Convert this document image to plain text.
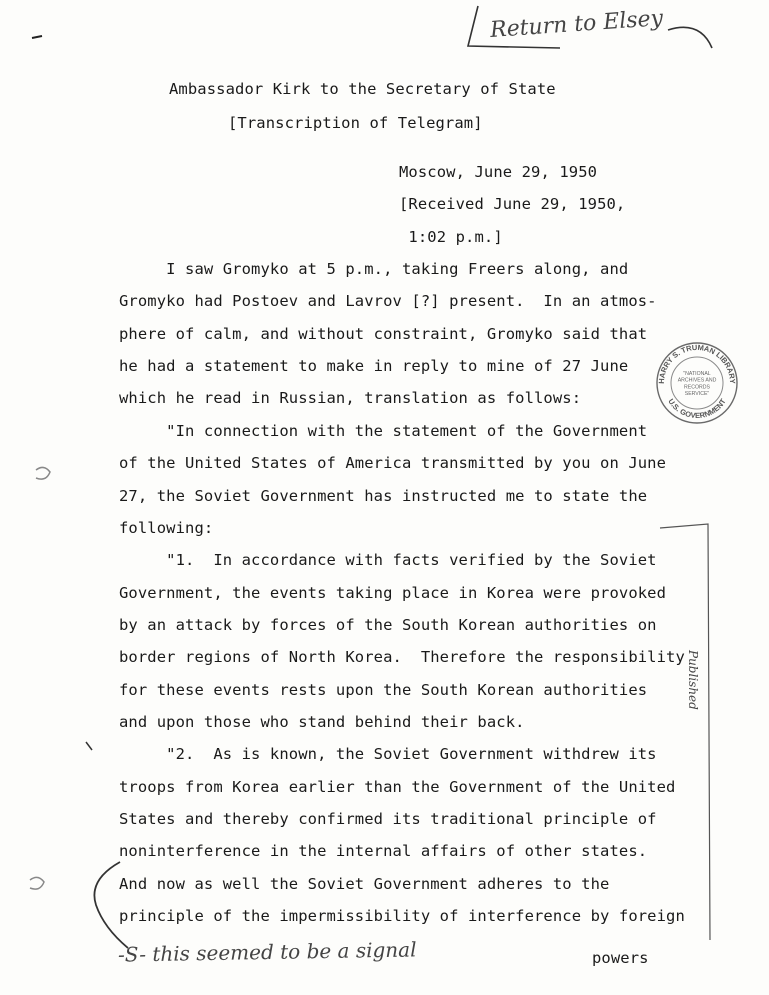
HARRY S. TRUMAN LIBRARY
U.S. GOVERNMENT
"NATIONAL ARCHIVES AND RECORDS SERVICE"
Return to Elsey
Published
-S- this seemed to be a signal
Ambassador Kirk to the Secretary of State
[Transcription of Telegram]
Moscow, June 29, 1950
[Received June 29, 1950,
1:02 p.m.]
I saw Gromyko at 5 p.m., taking Freers along, and
Gromyko had Postoev and Lavrov [?] present.  In an atmos-
phere of calm, and without constraint, Gromyko said that
he had a statement to make in reply to mine of 27 June
which he read in Russian, translation as follows:
"In connection with the statement of the Government
of the United States of America transmitted by you on June
27, the Soviet Government has instructed me to state the
following:
"1.  In accordance with facts verified by the Soviet
Government, the events taking place in Korea were provoked
by an attack by forces of the South Korean authorities on
border regions of North Korea.  Therefore the responsibility
for these events rests upon the South Korean authorities
and upon those who stand behind their back.
"2.  As is known, the Soviet Government withdrew its
troops from Korea earlier than the Government of the United
States and thereby confirmed its traditional principle of
noninterference in the internal affairs of other states.
And now as well the Soviet Government adheres to the
principle of the impermissibility of interference by foreign
powers
